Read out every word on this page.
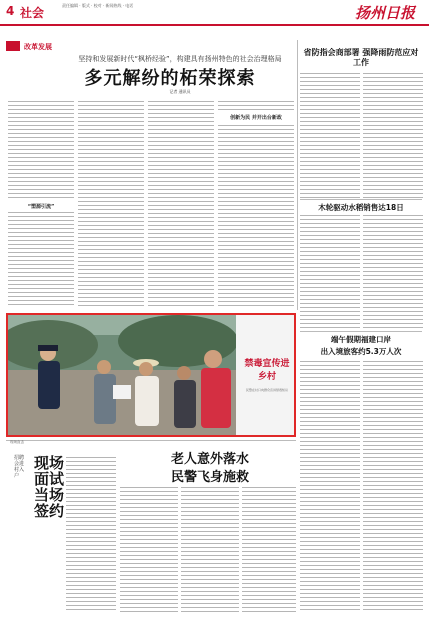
4 社会
责任编辑 · 版式 · 校对 · 新闻热线 · 电话	扬州日报
改革发展
坚持和发展新时代“枫桥经验”，构建具有扬州特色的社会治理格局
多元解纷的柘荣探索
记者 通讯员
“塑源引流”
创新为民 并开出台新政
省防指会商部署 强降雨防范应对工作
木轮驱动水稻销售达18日
端午假期福建口岸
出入境旅客约5.3万人次
禁毒宣传进乡村
民警在村口向群众宣讲禁毒知识
现场直击
招聘会进村入户
现场面试当场签约
老人意外落水
民警飞身施救
